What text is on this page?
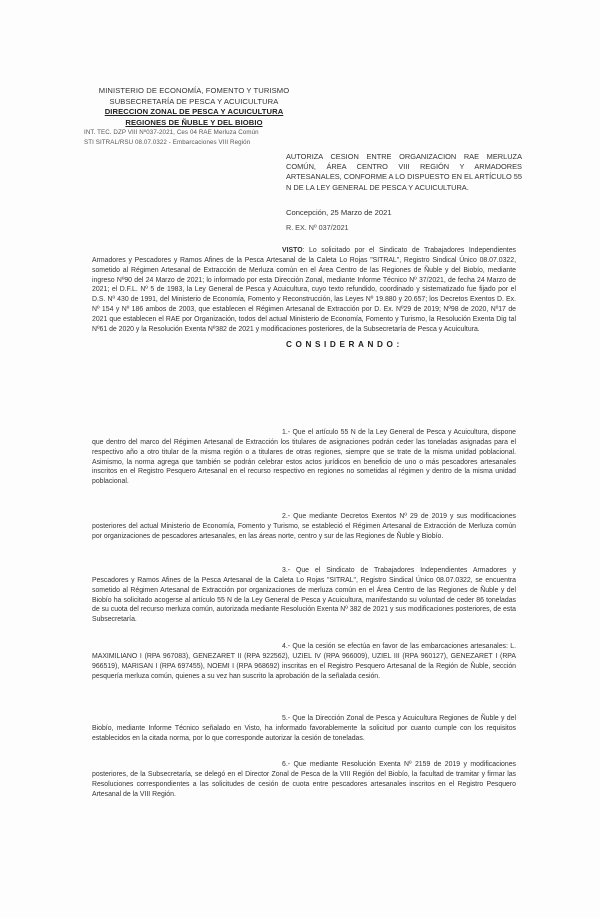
MINISTERIO DE ECONOMÍA, FOMENTO Y TURISMO
SUBSECRETARÍA DE PESCA Y ACUICULTURA
DIRECCION ZONAL DE PESCA Y ACUICULTURA
REGIONES DE ÑUBLE Y DEL BIOBIO
INT. TEC. DZP VIII Nº037-2021, Ces 04 RAE Merluza Común
STI SITRAL/RSU 08.07.0322 - Embarcaciones VIII Región
AUTORIZA CESION ENTRE ORGANIZACION RAE MERLUZA COMÚN, ÁREA CENTRO VIII REGIÓN Y ARMADORES ARTESANALES, CONFORME A LO DISPUESTO EN EL ARTÍCULO 55 N DE LA LEY GENERAL DE PESCA Y ACUICULTURA.
Concepción, 25 Marzo de 2021
R. EX. Nº 037/2021
VISTO: Lo solicitado por el Sindicato de Trabajadores Independientes Armadores y Pescadores y Ramos Afines de la Pesca Artesanal de la Caleta Lo Rojas "SITRAL", Registro Sindical Único 08.07.0322, sometido al Régimen Artesanal de Extracción de Merluza común en el Área Centro de las Regiones de Ñuble y del Biobío, mediante ingreso Nº90 del 24 Marzo de 2021; lo informado por esta Dirección Zonal, mediante Informe Técnico Nº 37/2021, de fecha 24 Marzo de 2021; el D.F.L. Nº 5 de 1983, la Ley General de Pesca y Acuicultura, cuyo texto refundido, coordinado y sistematizado fue fijado por el D.S. Nº 430 de 1991, del Ministerio de Economía, Fomento y Reconstrucción, las Leyes Nº 19.880 y 20.657; los Decretos Exentos D. Ex. Nº 154 y Nº 186 ambos de 2003, que establecen el Régimen Artesanal de Extracción por D. Ex. Nº29 de 2019; Nº98 de 2020, Nº17 de 2021 que establecen el RAE por Organización, todos del actual Ministerio de Economía, Fomento y Turismo, la Resolución Exenta Dig tal Nº61 de 2020 y la Resolución Exenta Nº382 de 2021 y modificaciones posteriores, de la Subsecretaría de Pesca y Acuicultura.
CONSIDERANDO:
1.- Que el artículo 55 N de la Ley General de Pesca y Acuicultura, dispone que dentro del marco del Régimen Artesanal de Extracción los titulares de asignaciones podrán ceder las toneladas asignadas para el respectivo año a otro titular de la misma región o a titulares de otras regiones, siempre que se trate de la misma unidad poblacional. Asimismo, la norma agrega que también se podrán celebrar estos actos jurídicos en beneficio de uno o más pescadores artesanales inscritos en el Registro Pesquero Artesanal en el recurso respectivo en regiones no sometidas al régimen y dentro de la misma unidad poblacional.
2.- Que mediante Decretos Exentos Nº 29 de 2019 y sus modificaciones posteriores del actual Ministerio de Economía, Fomento y Turismo, se estableció el Régimen Artesanal de Extracción de Merluza común por organizaciones de pescadores artesanales, en las áreas norte, centro y sur de las Regiones de Ñuble y Biobío.
3.- Que el Sindicato de Trabajadores Independientes Armadores y Pescadores y Ramos Afines de la Pesca Artesanal de la Caleta Lo Rojas "SITRAL", Registro Sindical Único 08.07.0322, se encuentra sometido al Régimen Artesanal de Extracción por organizaciones de merluza común en el Área Centro de las Regiones de Ñuble y del Biobío ha solicitado acogerse al artículo 55 N de la Ley General de Pesca y Acuicultura, manifestando su voluntad de ceder 86 toneladas de su cuota del recurso merluza común, autorizada mediante Resolución Exenta Nº 382 de 2021 y sus modificaciones posteriores, de esta Subsecretaría.
4.- Que la cesión se efectúa en favor de las embarcaciones artesanales: L. MAXIMILIANO I (RPA 967083), GENEZARET II (RPA 922562), UZIEL IV (RPA 966009), UZIEL III (RPA 960127), GENEZARET I (RPA 966519), MARISAN I (RPA 697455), NOEMI I (RPA 968692) inscritas en el Registro Pesquero Artesanal de la Región de Ñuble, sección pesquería merluza común, quienes a su vez han suscrito la aprobación de la señalada cesión.
5.- Que la Dirección Zonal de Pesca y Acuicultura Regiones de Ñuble y del Biobío, mediante Informe Técnico señalado en Visto, ha informado favorablemente la solicitud por cuanto cumple con los requisitos establecidos en la citada norma, por lo que corresponde autorizar la cesión de toneladas.
6.- Que mediante Resolución Exenta Nº 2159 de 2019 y modificaciones posteriores, de la Subsecretaría, se delegó en el Director Zonal de Pesca de la VIII Región del Biobío, la facultad de tramitar y firmar las Resoluciones correspondientes a las solicitudes de cesión de cuota entre pescadores artesanales inscritos en el Registro Pesquero Artesanal de la VIII Región.
